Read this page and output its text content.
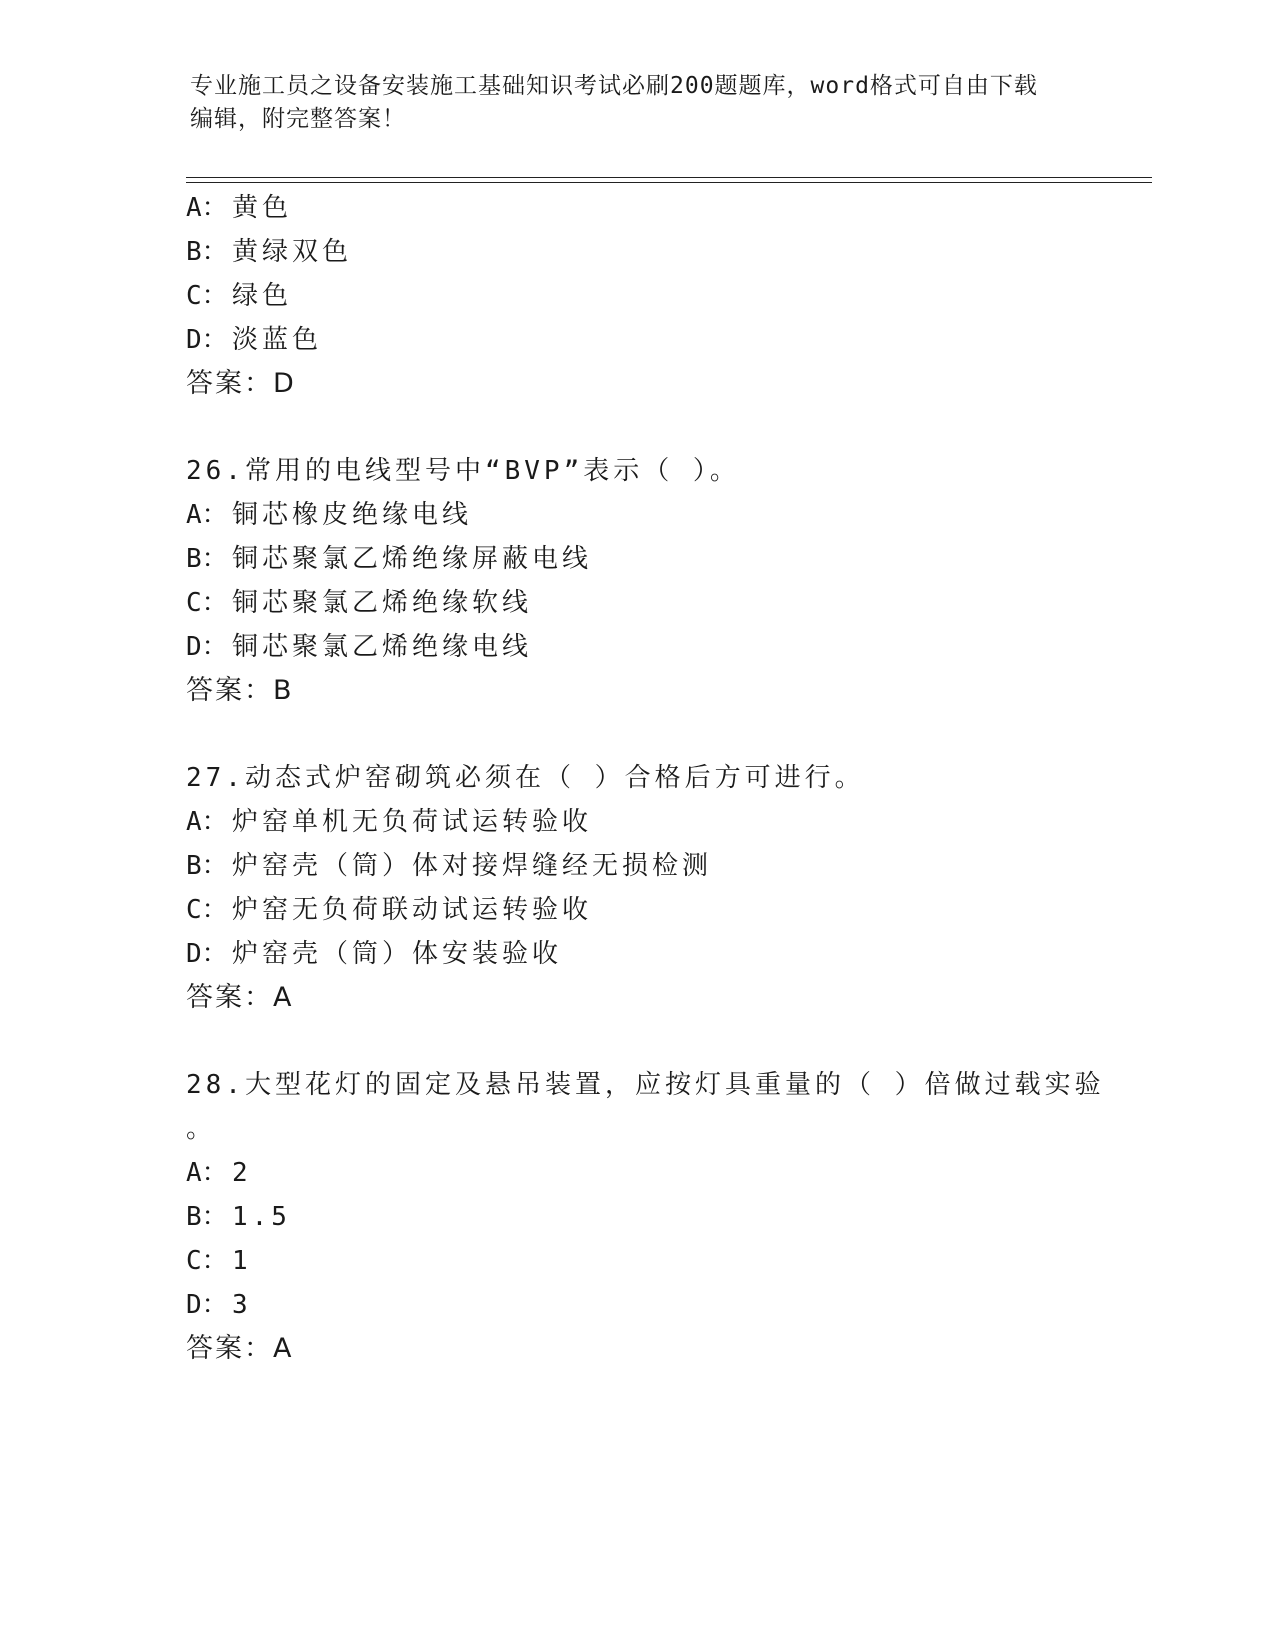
专业施工员之设备安装施工基础知识考试必刷200题题库，word格式可自由下载
编辑，附完整答案！
A： 黄色
B： 黄绿双色
C： 绿色
D： 淡蓝色
答案：D
26.常用的电线型号中“BVP”表示（ ）。
A： 铜芯橡皮绝缘电线
B： 铜芯聚氯乙烯绝缘屏蔽电线
C： 铜芯聚氯乙烯绝缘软线
D： 铜芯聚氯乙烯绝缘电线
答案：B
27.动态式炉窑砌筑必须在（ ）合格后方可进行。
A： 炉窑单机无负荷试运转验收
B： 炉窑壳（筒）体对接焊缝经无损检测
C： 炉窑无负荷联动试运转验收
D： 炉窑壳（筒）体安装验收
答案：A
28.大型花灯的固定及悬吊装置，应按灯具重量的（ ）倍做过载实验
。
A： 2
B： 1.5
C： 1
D： 3
答案：A
